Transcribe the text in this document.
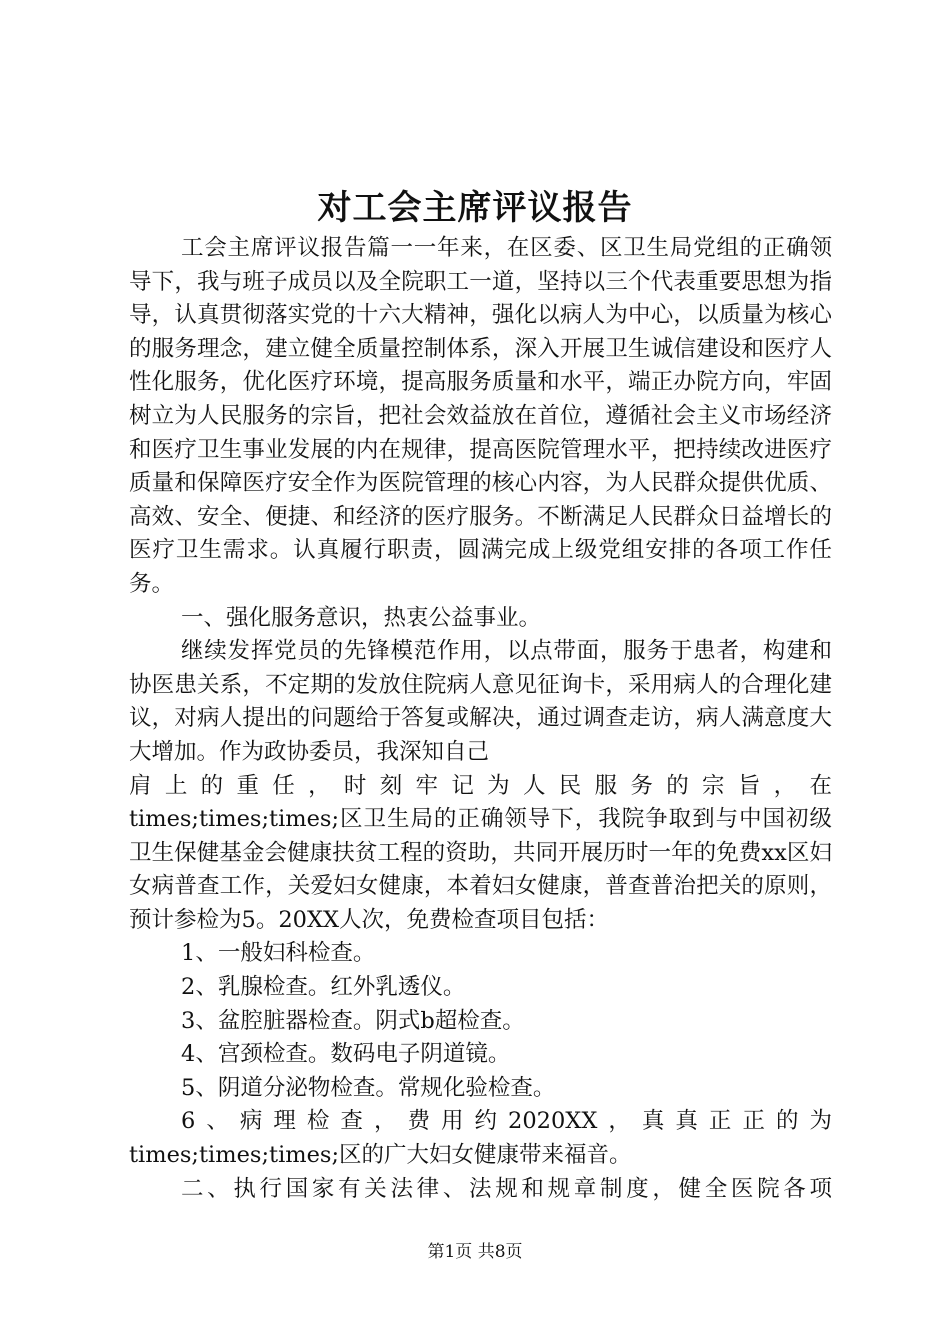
对工会主席评议报告

工会主席评议报告篇一一年来，在区委、区卫生局党组的正确领导下，我与班子成员以及全院职工一道，坚持以三个代表重要思想为指导，认真贯彻落实党的十六大精神，强化以病人为中心，以质量为核心的服务理念，建立健全质量控制体系，深入开展卫生诚信建设和医疗人性化服务，优化医疗环境，提高服务质量和水平，端正办院方向，牢固树立为人民服务的宗旨，把社会效益放在首位，遵循社会主义市场经济和医疗卫生事业发展的内在规律，提高医院管理水平，把持续改进医疗质量和保障医疗安全作为医院管理的核心内容，为人民群众提供优质、高效、安全、便捷、和经济的医疗服务。不断满足人民群众日益增长的医疗卫生需求。认真履行职责，圆满完成上级党组安排的各项工作任务。

一、强化服务意识，热衷公益事业。

继续发挥党员的先锋模范作用，以点带面，服务于患者，构建和协医患关系，不定期的发放住院病人意见征询卡，采用病人的合理化建议，对病人提出的问题给于答复或解决，通过调查走访，病人满意度大大增加。作为政协委员，我深知自己

肩上的重任，时刻牢记为人民服务的宗旨，在

times;times;times;区卫生局的正确领导下，我院争取到与中国初级卫生保健基金会健康扶贫工程的资助，共同开展历时一年的免费xx区妇女病普查工作，关爱妇女健康，本着妇女健康，普查普治把关的原则，预计参检为5。20XX人次，免费检查项目包括：

1、一般妇科检查。

2、乳腺检查。红外乳透仪。

3、盆腔脏器检查。阴式b超检查。

4、宫颈检查。数码电子阴道镜。

5、阴道分泌物检查。常规化验检查。

6、病理检查，费用约2020XX，真真正正的为

times;times;times;区的广大妇女健康带来福音。

二、执行国家有关法律、法规和规章制度，健全医院各项

第1页 共8页
